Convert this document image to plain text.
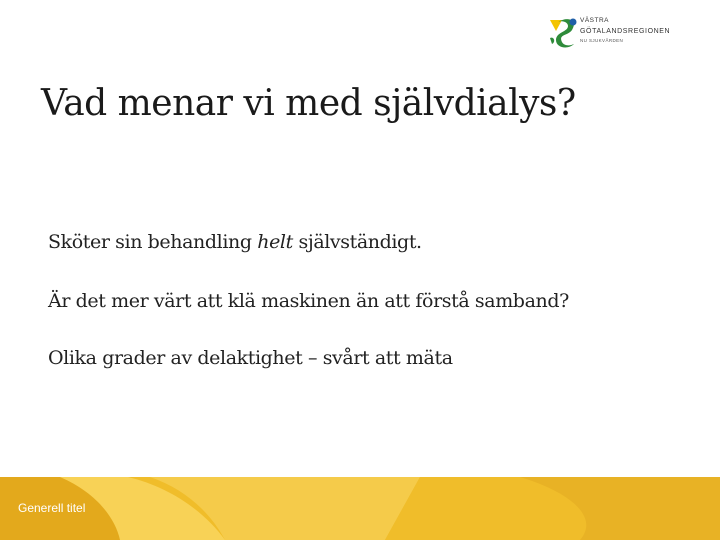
VÄSTRA
GÖTALANDSREGIONEN
NU SJUKVÅRDEN
Vad menar vi med självdialys?
Sköter sin behandling helt självständigt.
Är det mer värt att klä maskinen än att förstå samband?
Olika grader av delaktighet – svårt att mäta
Generell titel
